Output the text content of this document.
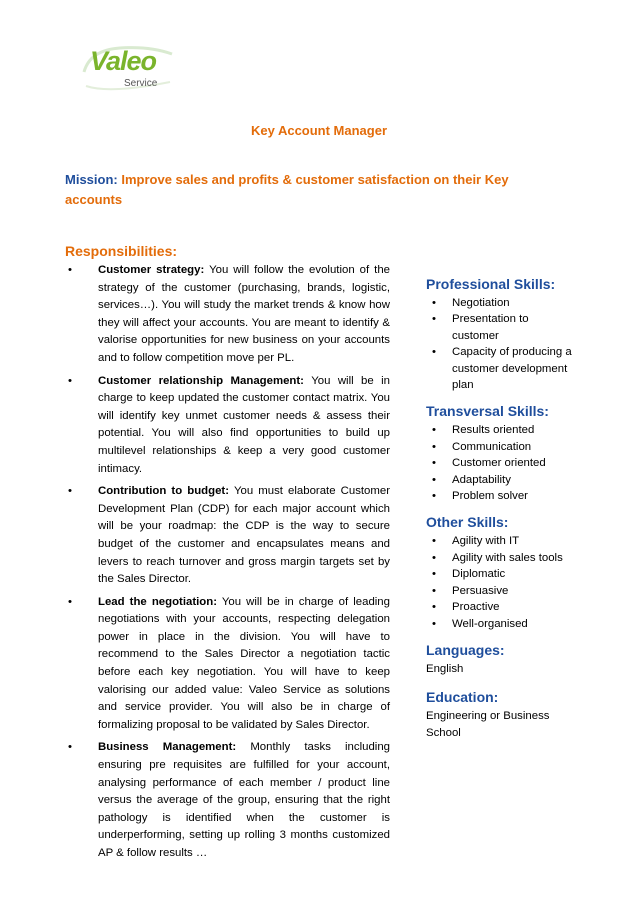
Valeo
Service
Key Account Manager
Mission: Improve sales and profits & customer satisfaction on their Key accounts
Responsibilities:
• Customer strategy: You will follow the evolution of the strategy of the customer (purchasing, brands, logistic, services…). You will study the market trends & know how they will affect your accounts. You are meant to identify & valorise opportunities for new business on your accounts and to follow competition move per PL.
• Customer relationship Management: You will be in charge to keep updated the customer contact matrix. You will identify key unmet customer needs & assess their potential. You will also find opportunities to build up multilevel relationships & keep a very good customer intimacy.
• Contribution to budget: You must elaborate Customer Development Plan (CDP) for each major account which will be your roadmap: the CDP is the way to secure budget of the customer and encapsulates means and levers to reach turnover and gross margin targets set by the Sales Director.
• Lead the negotiation: You will be in charge of leading negotiations with your accounts, respecting delegation power in place in the division. You will have to recommend to the Sales Director a negotiation tactic before each key negotiation. You will have to keep valorising our added value: Valeo Service as solutions and service provider. You will also be in charge of formalizing proposal to be validated by Sales Director.
• Business Management: Monthly tasks including ensuring pre requisites are fulfilled for your account, analysing performance of each member / product line versus the average of the group, ensuring that the right pathology is identified when the customer is underperforming, setting up rolling 3 months customized AP & follow results …
Professional Skills:
• Negotiation
• Presentation to customer
• Capacity of producing a customer development plan
Transversal Skills:
• Results oriented
• Communication
• Customer oriented
• Adaptability
• Problem solver
Other Skills:
• Agility with IT
• Agility with sales tools
• Diplomatic
• Persuasive
• Proactive
• Well-organised
Languages:
English
Education:
Engineering or Business School
